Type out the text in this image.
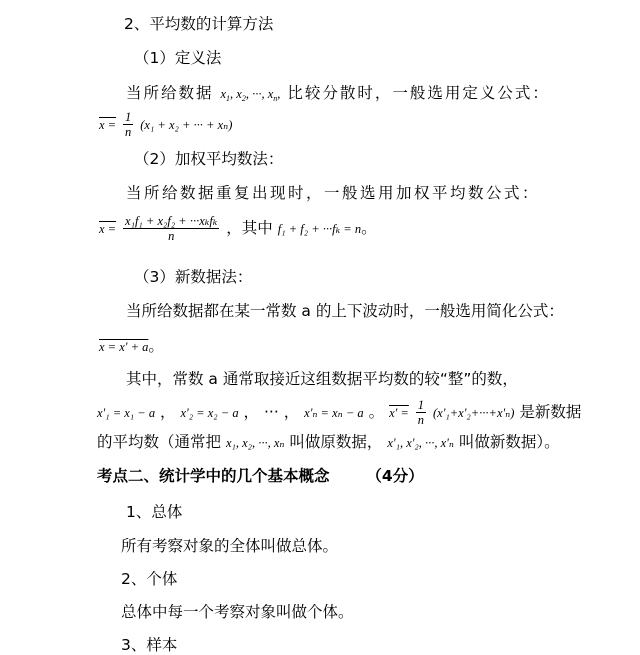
2、平均数的计算方法
（1）定义法
当所给数据 $x_1$, $x_2$, ···, $x_n$, 比较分散时，一般选用定义公式：
$x = \frac{1}{n} (x_1 + x_2$ + ··· + xₙ)
（2）加权平均数法：
当所给数据重复出现时，一般选用加权平均数公式：
$x = \frac{\text{x₁f₁ + x₂f₂ + ···xₖfₖ}}{n}$ ，其中 f₁ + f₂ + ···fₖ = n。
（3）新数据法：
当所给数据都在某一常数 a 的上下波动时，一般选用简化公式：
x = x' + a。
其中，常数 a 通常取接近这组数据平均数的较“整”的数，
x'₁ = x₁ − a ， x'₂ = x₂ − a ， ··· ， x'ₙ = xₙ − a 。 $x' = \frac{1}{n} (x'_1+x'_2+\cdot\cdot\cdot+x'_n)$ 是新数据
的平均数（通常把 x₁, x₂, ···, xₙ 叫做原数据， x'₁, x'₂, ···, x'ₙ 叫做新数据）。
考点二、统计学中的几个基本概念 （4分）
1、总体
所有考察对象的全体叫做总体。
2、个体
总体中每一个考察对象叫做个体。
3、样本
